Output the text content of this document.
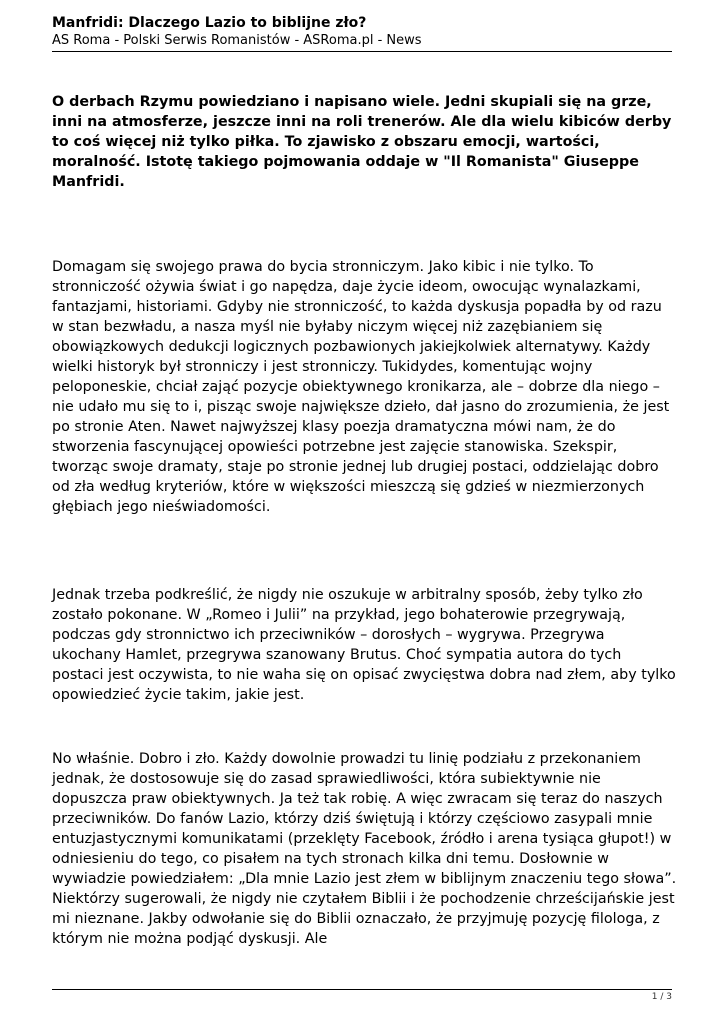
Manfridi: Dlaczego Lazio to biblijne zło?

AS Roma - Polski Serwis Romanistów - ASRoma.pl - News

O derbach Rzymu powiedziano i napisano wiele. Jedni skupiali się na grze, inni na atmosferze, jeszcze inni na roli trenerów. Ale dla wielu kibiców derby to coś więcej niż tylko piłka. To zjawisko z obszaru emocji, wartości, moralność. Istotę takiego pojmowania oddaje w "Il Romanista" Giuseppe Manfridi.

Domagam się swojego prawa do bycia stronniczym. Jako kibic i nie tylko. To stronniczość ożywia świat i go napędza, daje życie ideom, owocując wynalazkami, fantazjami, historiami. Gdyby nie stronniczość, to każda dyskusja popadła by od razu w stan bezwładu, a nasza myśl nie byłaby niczym więcej niż zazębianiem się obowiązkowych dedukcji logicznych pozbawionych jakiejkolwiek alternatywy. Każdy wielki historyk był stronniczy i jest stronniczy. Tukidydes, komentując wojny peloponeskie, chciał zająć pozycje obiektywnego kronikarza, ale – dobrze dla niego – nie udało mu się to i, pisząc swoje największe dzieło, dał jasno do zrozumienia, że jest po stronie Aten. Nawet najwyższej klasy poezja dramatyczna mówi nam, że do stworzenia fascynującej opowieści potrzebne jest zajęcie stanowiska. Szekspir, tworząc swoje dramaty, staje po stronie jednej lub drugiej postaci, oddzielając dobro od zła według kryteriów, które w większości mieszczą się gdzieś w niezmierzonych głębiach jego nieświadomości.

Jednak trzeba podkreślić, że nigdy nie oszukuje w arbitralny sposób, żeby tylko zło zostało pokonane. W „Romeo i Julii” na przykład, jego bohaterowie przegrywają, podczas gdy stronnictwo ich przeciwników – dorosłych – wygrywa. Przegrywa ukochany Hamlet, przegrywa szanowany Brutus. Choć sympatia autora do tych postaci jest oczywista, to nie waha się on opisać zwycięstwa dobra nad złem, aby tylko opowiedzieć życie takim, jakie jest.

No właśnie. Dobro i zło. Każdy dowolnie prowadzi tu linię podziału z przekonaniem jednak, że dostosowuje się do zasad sprawiedliwości, która subiektywnie nie dopuszcza praw obiektywnych. Ja też tak robię. A więc zwracam się teraz do naszych przeciwników. Do fanów Lazio, którzy dziś świętują i którzy częściowo zasypali mnie entuzjastycznymi komunikatami (przeklęty Facebook, źródło i arena tysiąca głupot!) w odniesieniu do tego, co pisałem na tych stronach kilka dni temu. Dosłownie w wywiadzie powiedziałem: „Dla mnie Lazio jest złem w biblijnym znaczeniu tego słowa”. Niektórzy sugerowali, że nigdy nie czytałem Biblii i że pochodzenie chrześcijańskie jest mi nieznane. Jakby odwołanie się do Biblii oznaczało, że przyjmuję pozycję filologa, z którym nie można podjąć dyskusji. Ale

1 / 3
